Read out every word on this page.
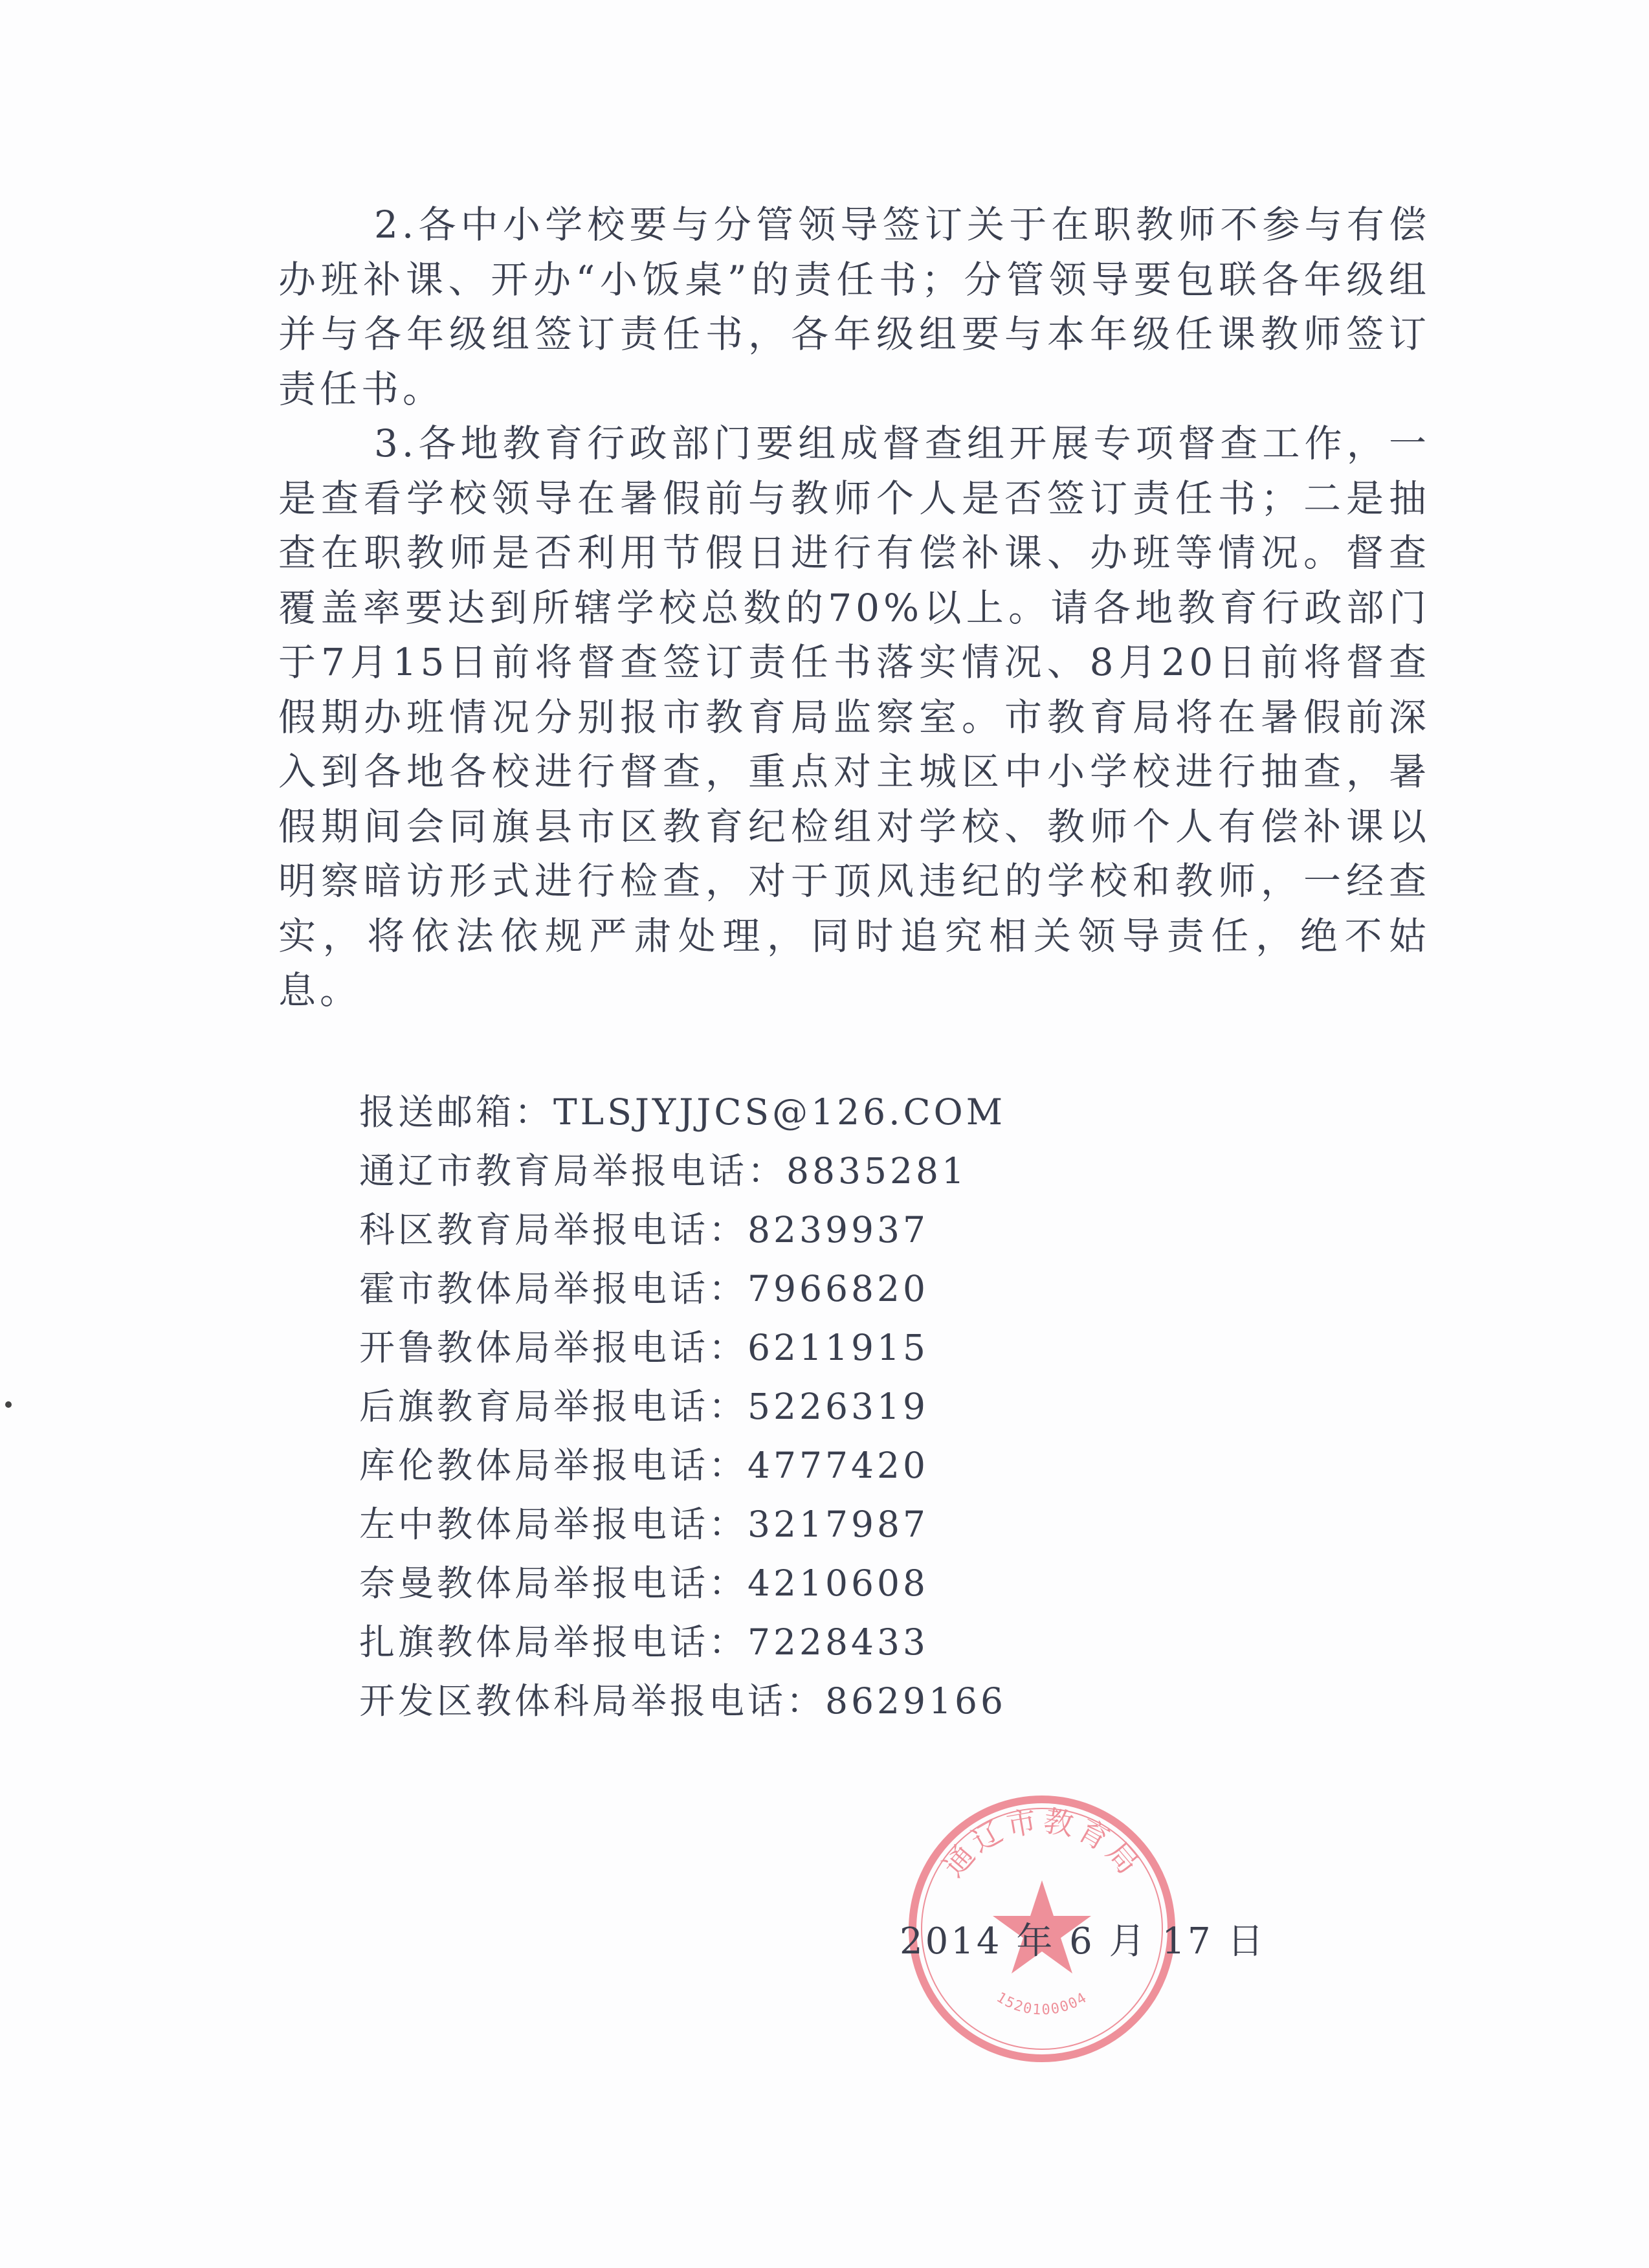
2.各中小学校要与分管领导签订关于在职教师不参与有偿办班补课、开办“小饭桌”的责任书；分管领导要包联各年级组并与各年级组签订责任书，各年级组要与本年级任课教师签订责任书。

3.各地教育行政部门要组成督查组开展专项督查工作，一是查看学校领导在暑假前与教师个人是否签订责任书；二是抽查在职教师是否利用节假日进行有偿补课、办班等情况。督查覆盖率要达到所辖学校总数的70%以上。请各地教育行政部门于7月15日前将督查签订责任书落实情况、8月20日前将督查假期办班情况分别报市教育局监察室。市教育局将在暑假前深入到各地各校进行督查，重点对主城区中小学校进行抽查，暑假期间会同旗县市区教育纪检组对学校、教师个人有偿补课以明察暗访形式进行检查，对于顶风违纪的学校和教师，一经查实，将依法依规严肃处理，同时追究相关领导责任，绝不姑息。

报送邮箱：TLSJYJJCS@126.COM
通辽市教育局举报电话：8835281
科区教育局举报电话：8239937
霍市教体局举报电话：7966820
开鲁教体局举报电话：6211915
后旗教育局举报电话：5226319
库伦教体局举报电话：4777420
左中教体局举报电话：3217987
奈曼教体局举报电话：4210608
扎旗教体局举报电话：7228433
开发区教体科局举报电话：8629166
通辽市教育局
1520100004
2014 年 6 月 17 日
